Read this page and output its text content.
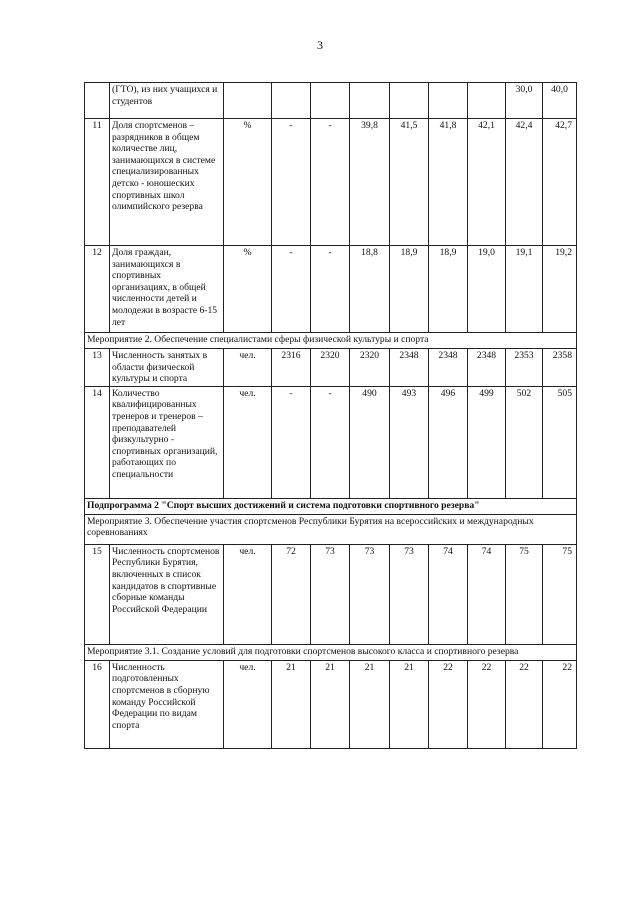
3
	(ГТО), из них учащихся и студентов								30,0	40,0
11	Доля спортсменов – разрядников в общем количестве лиц, занимающихся в системе специализированных детско - юношеских спортивных школ олимпийского резерва	%	-	-	39,8	41,5	41,8	42,1	42,4	42,7
12	Доля граждан, занимающихся в спортивных организациях, в общей численности детей и молодежи в возрасте 6-15 лет	%	-	-	18,8	18,9	18,9	19,0	19,1	19,2
Мероприятие 2. Обеспечение специалистами сферы физической культуры и спорта										
13	Численность занятых в области физической культуры и спорта	чел.	2316	2320	2320	2348	2348	2348	2353	2358
14	Количество квалифицированных тренеров и тренеров – преподавателей физкультурно - спортивных организаций, работающих по специальности	чел.	-	-	490	493	496	499	502	505
Подпрограмма 2 "Спорт высших достижений и система подготовки спортивного резерва"										
Мероприятие 3. Обеспечение участия спортсменов Республики Бурятия на всероссийских и международных соревнованиях										
15	Численность спортсменов Республики Бурятия, включенных в список кандидатов в спортивные сборные команды Российской Федерации	чел.	72	73	73	73	74	74	75	75
Мероприятие 3.1. Создание условий для подготовки спортсменов высокого класса и спортивного резерва										
16	Численность подготовленных спортсменов в сборную команду Российской Федерации по видам спорта	чел.	21	21	21	21	22	22	22	22
